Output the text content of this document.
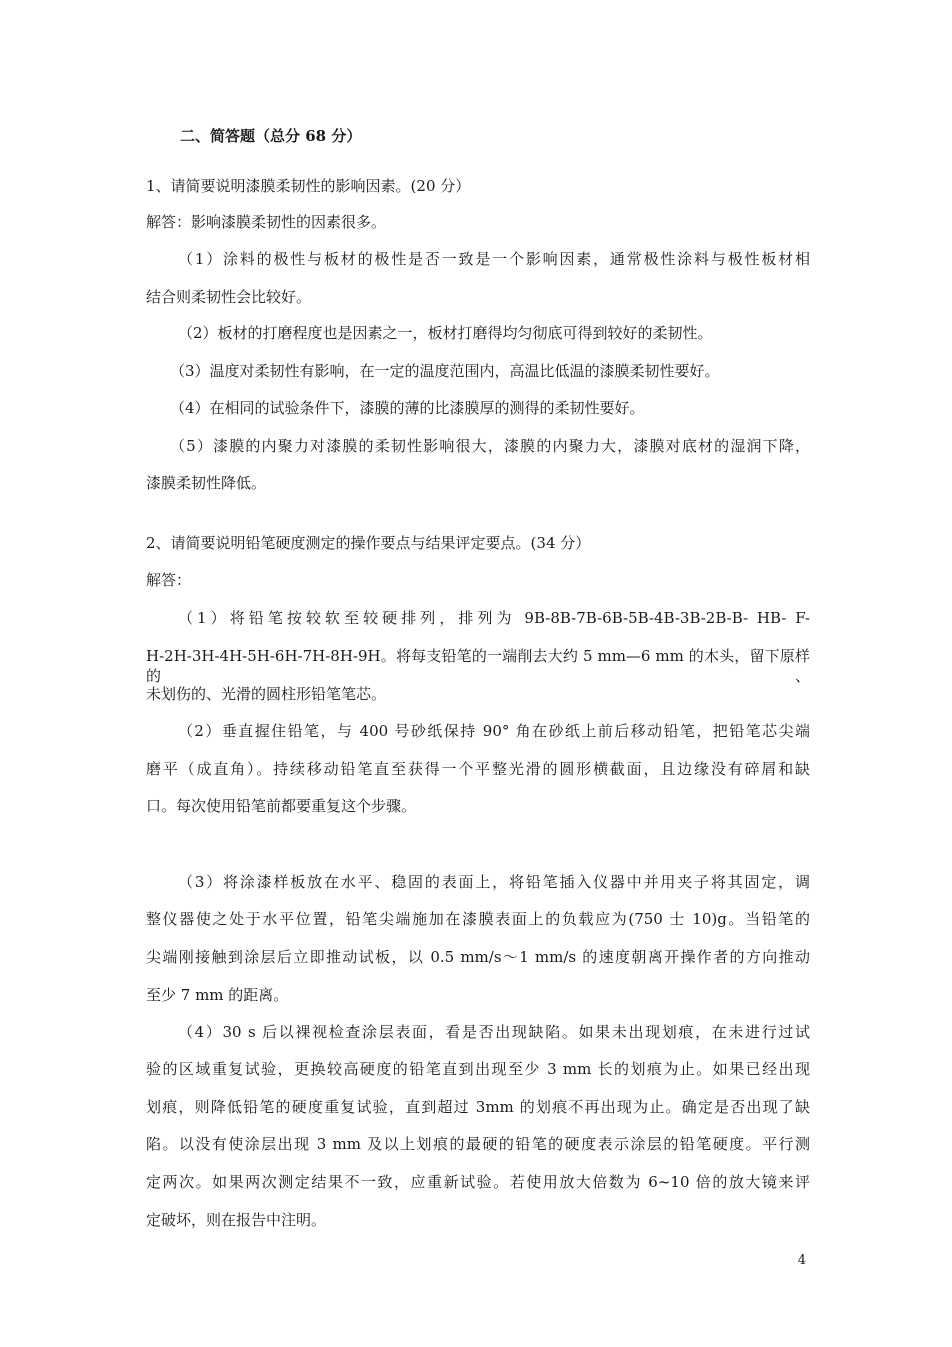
二、简答题（总分 68 分）
1、请简要说明漆膜柔韧性的影响因素。(20 分）
解答：影响漆膜柔韧性的因素很多。
（1）涂料的极性与板材的极性是否一致是一个影响因素，通常极性涂料与极性板材相
结合则柔韧性会比较好。
（2）板材的打磨程度也是因素之一，板材打磨得均匀彻底可得到较好的柔韧性。
（3）温度对柔韧性有影响，在一定的温度范围内，高温比低温的漆膜柔韧性要好。
（4）在相同的试验条件下，漆膜的薄的比漆膜厚的测得的柔韧性要好。
（5）漆膜的内聚力对漆膜的柔韧性影响很大，漆膜的内聚力大，漆膜对底材的湿润下降，
漆膜柔韧性降低。
2、请简要说明铅笔硬度测定的操作要点与结果评定要点。(34 分）
解答：
（1）将铅笔按较软至较硬排列，排列为 9B-8B-7B-6B-5B-4B-3B-2B-B- HB- F-
H-2H-3H-4H-5H-6H-7H-8H-9H。将每支铅笔的一端削去大约 5 mm—6 mm 的木头，留下原样的、
未划伤的、光滑的圆柱形铅笔笔芯。
（2）垂直握住铅笔，与 400 号砂纸保持 90° 角在砂纸上前后移动铅笔，把铅笔芯尖端
磨平（成直角）。持续移动铅笔直至获得一个平整光滑的圆形横截面，且边缘没有碎屑和缺
口。每次使用铅笔前都要重复这个步骤。
（3）将涂漆样板放在水平、稳固的表面上，将铅笔插入仪器中并用夹子将其固定，调
整仪器使之处于水平位置，铅笔尖端施加在漆膜表面上的负载应为(750 士 10)g。当铅笔的
尖端刚接触到涂层后立即推动试板，以 0.5 mm/s～1 mm/s 的速度朝离开操作者的方向推动
至少 7 mm 的距离。
（4）30 s 后以裸视检查涂层表面，看是否出现缺陷。如果未出现划痕，在未进行过试
验的区域重复试验，更换较高硬度的铅笔直到出现至少 3 mm 长的划痕为止。如果已经出现
划痕，则降低铅笔的硬度重复试验，直到超过 3mm 的划痕不再出现为止。确定是否出现了缺
陷。以没有使涂层出现 3 mm 及以上划痕的最硬的铅笔的硬度表示涂层的铅笔硬度。平行测
定两次。如果两次测定结果不一致，应重新试验。若使用放大倍数为 6~10 倍的放大镜来评
定破坏，则在报告中注明。
4
